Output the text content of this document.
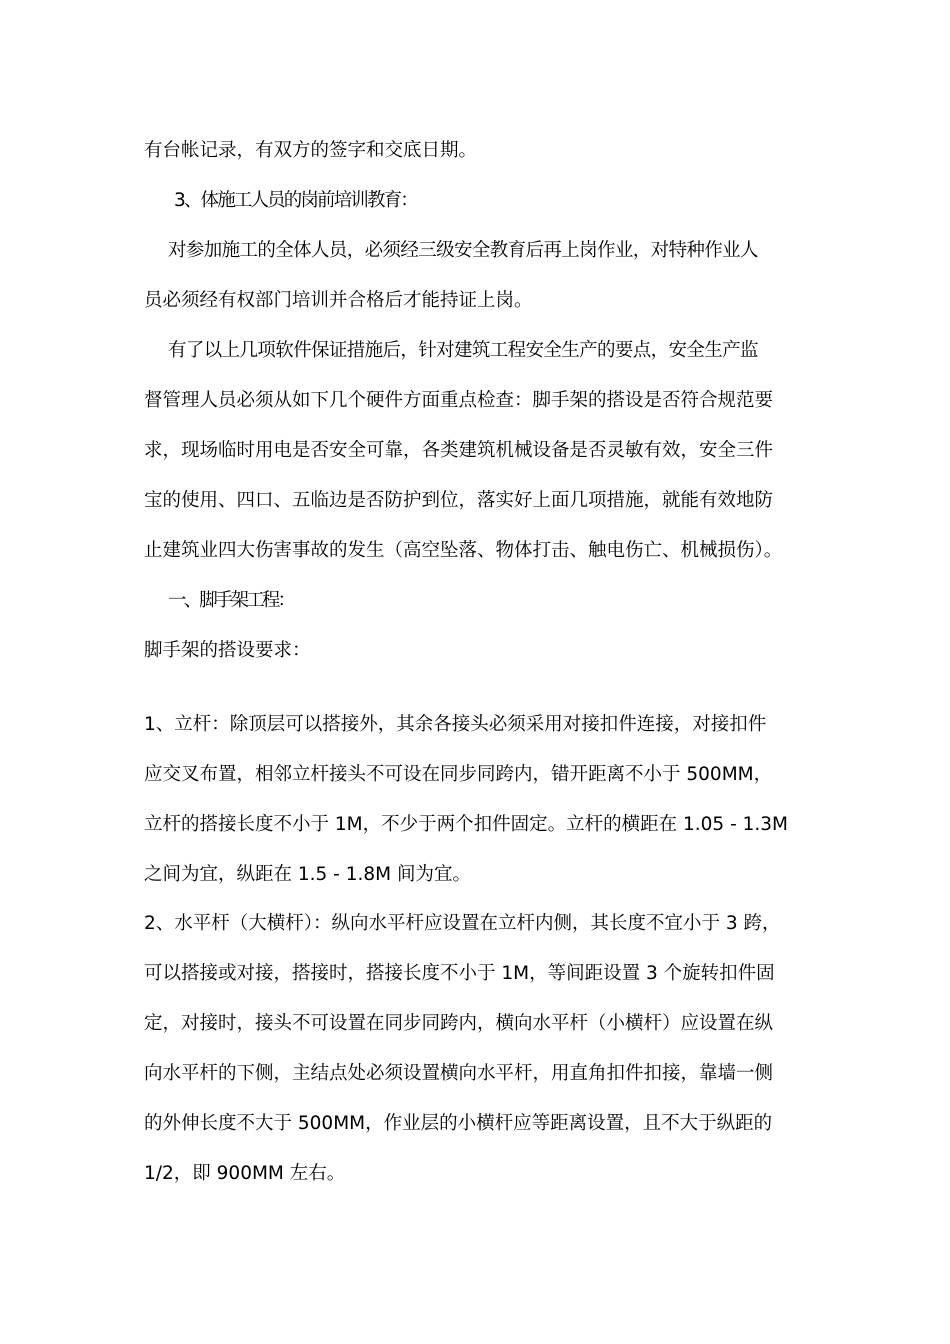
有台帐记录，有双方的签字和交底日期。
3、体施工人员的岗前培训教育：
对参加施工的全体人员，必须经三级安全教育后再上岗作业，对特种作业人
员必须经有权部门培训并合格后才能持证上岗。
有了以上几项软件保证措施后，针对建筑工程安全生产的要点，安全生产监
督管理人员必须从如下几个硬件方面重点检查：脚手架的搭设是否符合规范要
求，现场临时用电是否安全可靠，各类建筑机械设备是否灵敏有效，安全三件
宝的使用、四口、五临边是否防护到位，落实好上面几项措施，就能有效地防
止建筑业四大伤害事故的发生（高空坠落、物体打击、触电伤亡、机械损伤）。
一、脚手架工程：
脚手架的搭设要求：
1、立杆：除顶层可以搭接外，其余各接头必须采用对接扣件连接，对接扣件
应交叉布置，相邻立杆接头不可设在同步同跨内，错开距离不小于 500MM，
立杆的搭接长度不小于 1M，不少于两个扣件固定。立杆的横距在 1.05 - 1.3M
之间为宜，纵距在 1.5 - 1.8M 间为宜。
2、水平杆（大横杆）：纵向水平杆应设置在立杆内侧，其长度不宜小于 3 跨，
可以搭接或对接，搭接时，搭接长度不小于 1M，等间距设置 3 个旋转扣件固
定，对接时，接头不可设置在同步同跨内，横向水平杆（小横杆）应设置在纵
向水平杆的下侧，主结点处必须设置横向水平杆，用直角扣件扣接，靠墙一侧
的外伸长度不大于 500MM，作业层的小横杆应等距离设置，且不大于纵距的
1/2，即 900MM 左右。
